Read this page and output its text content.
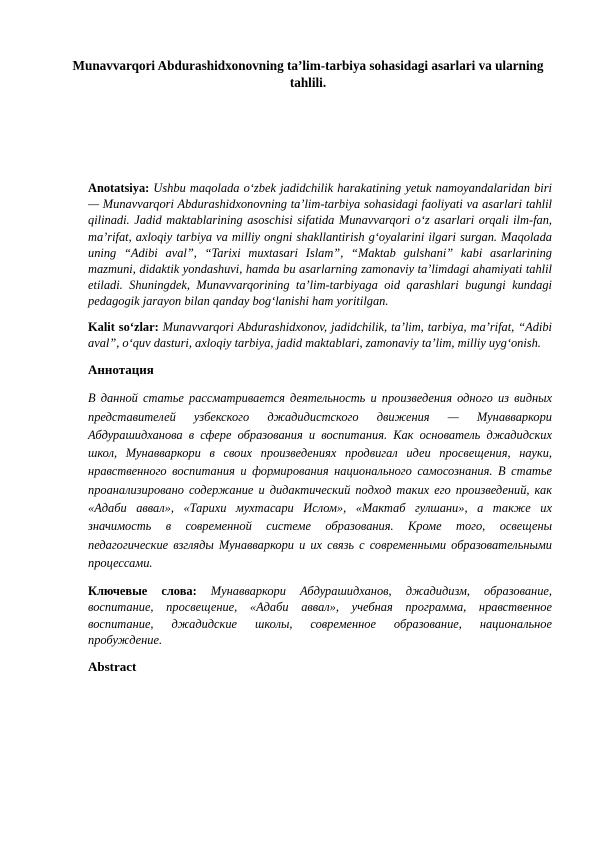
Munavvarqori Abdurashidxonovning ta’lim-tarbiya sohasidagi asarlari va ularning tahlili.

Anotatsiya: Ushbu maqolada o‘zbek jadidchilik harakatining yetuk namoyandalaridan biri — Munavvarqori Abdurashidxonovning ta’lim-tarbiya sohasidagi faoliyati va asarlari tahlil qilinadi. Jadid maktablarining asoschisi sifatida Munavvarqori o‘z asarlari orqali ilm-fan, ma’rifat, axloqiy tarbiya va milliy ongni shakllantirish g‘oyalarini ilgari surgan. Maqolada uning “Adibi aval”, “Tarixi muxtasari Islam”, “Maktab gulshani” kabi asarlarining mazmuni, didaktik yondashuvi, hamda bu asarlarning zamonaviy ta’limdagi ahamiyati tahlil etiladi. Shuningdek, Munavvarqorining ta’lim-tarbiyaga oid qarashlari bugungi kundagi pedagogik jarayon bilan qanday bog‘lanishi ham yoritilgan.

Kalit so‘zlar: Munavvarqori Abdurashidxonov, jadidchilik, ta’lim, tarbiya, ma’rifat, “Adibi aval”, o‘quv dasturi, axloqiy tarbiya, jadid maktablari, zamonaviy ta’lim, milliy uyg‘onish.

Аннотация

В данной статье рассматривается деятельность и произведения одного из видных представителей узбекского джадидистского движения — Мунавваркори Абдурашидханова в сфере образования и воспитания. Как основатель джадидских школ, Мунавваркори в своих произведениях продвигал идеи просвещения, науки, нравственного воспитания и формирования национального самосознания. В статье проанализировано содержание и дидактический подход таких его произведений, как «Адаби аввал», «Тарихи мухтасари Ислом», «Мактаб гулшани», а также их значимость в современной системе образования. Кроме того, освещены педагогические взгляды Мунавваркори и их связь с современными образовательными процессами.

Ключевые слова: Мунавваркори Абдурашидханов, джадидизм, образование, воспитание, просвещение, «Адаби аввал», учебная программа, нравственное воспитание, джадидские школы, современное образование, национальное пробуждение.

Abstract
